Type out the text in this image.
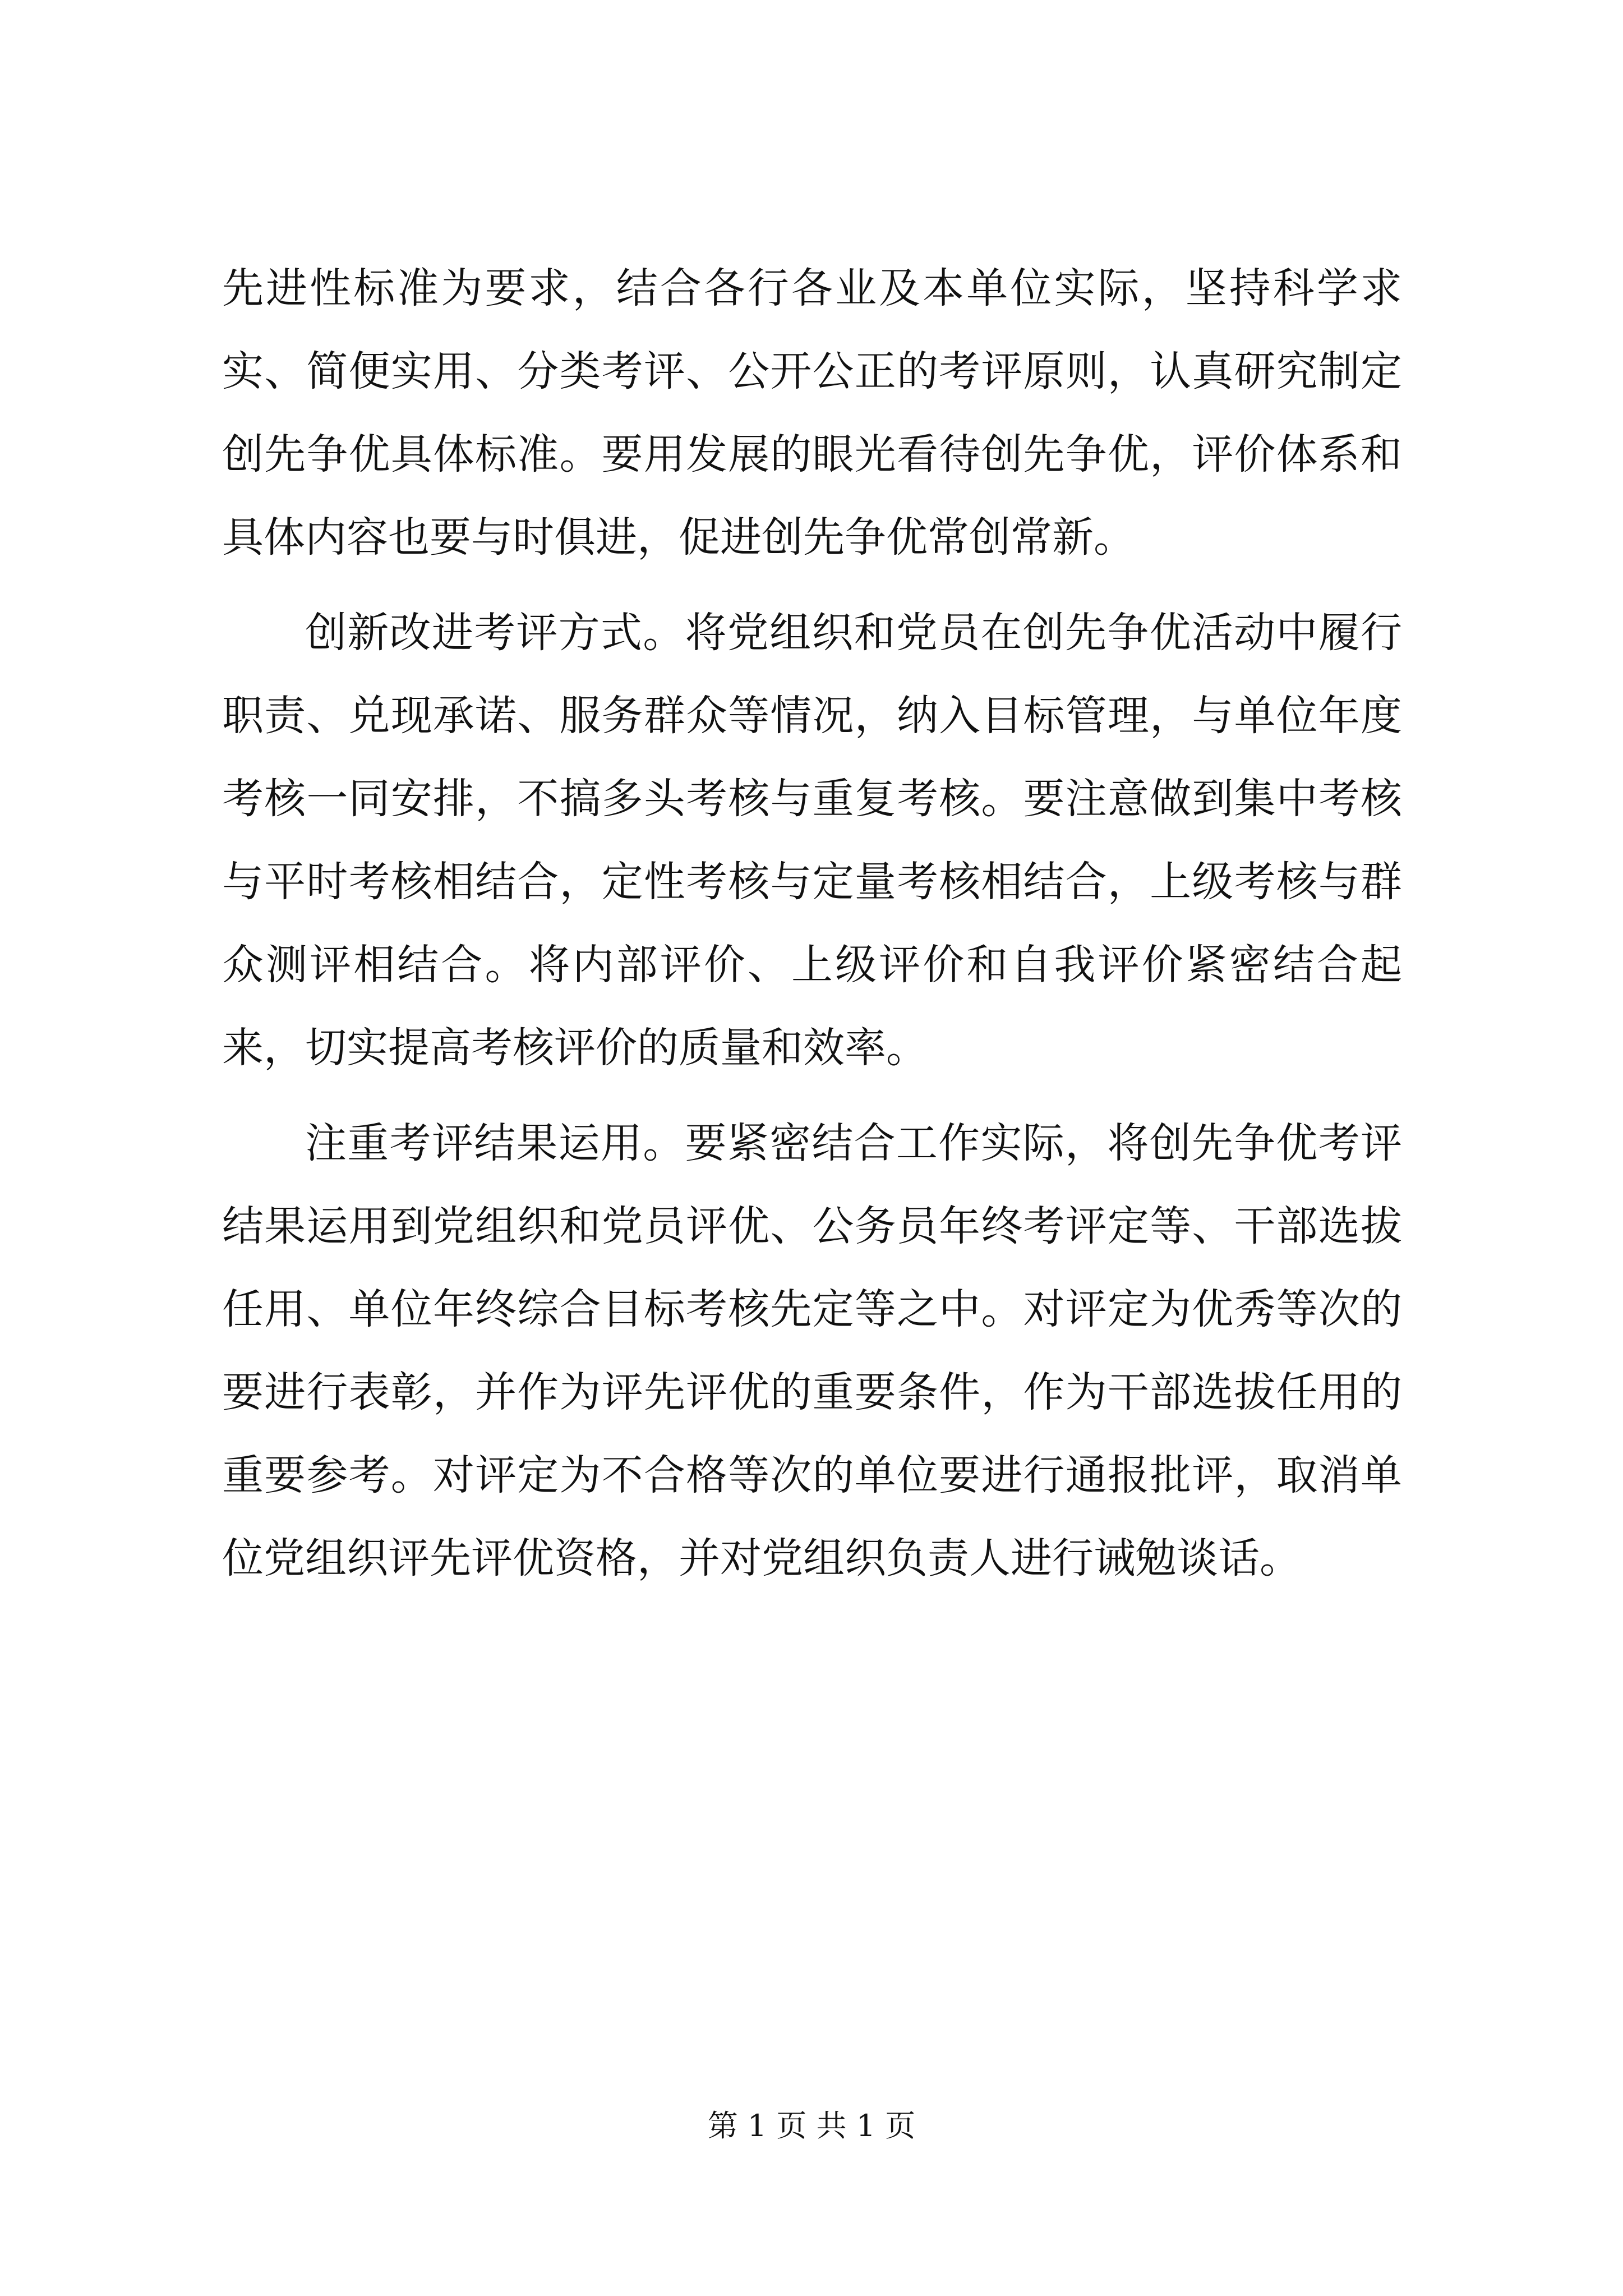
先进性标准为要求，结合各行各业及本单位实际，坚持科学求实、简便实用、分类考评、公开公正的考评原则，认真研究制定创先争优具体标准。要用发展的眼光看待创先争优，评价体系和具体内容也要与时俱进，促进创先争优常创常新。

创新改进考评方式。将党组织和党员在创先争优活动中履行职责、兑现承诺、服务群众等情况，纳入目标管理，与单位年度考核一同安排，不搞多头考核与重复考核。要注意做到集中考核与平时考核相结合，定性考核与定量考核相结合，上级考核与群众测评相结合。将内部评价、上级评价和自我评价紧密结合起来，切实提高考核评价的质量和效率。

注重考评结果运用。要紧密结合工作实际，将创先争优考评结果运用到党组织和党员评优、公务员年终考评定等、干部选拔任用、单位年终综合目标考核先定等之中。对评定为优秀等次的要进行表彰，并作为评先评优的重要条件，作为干部选拔任用的重要参考。对评定为不合格等次的单位要进行通报批评，取消单位党组织评先评优资格，并对党组织负责人进行诫勉谈话。

第 1 页 共 1 页
